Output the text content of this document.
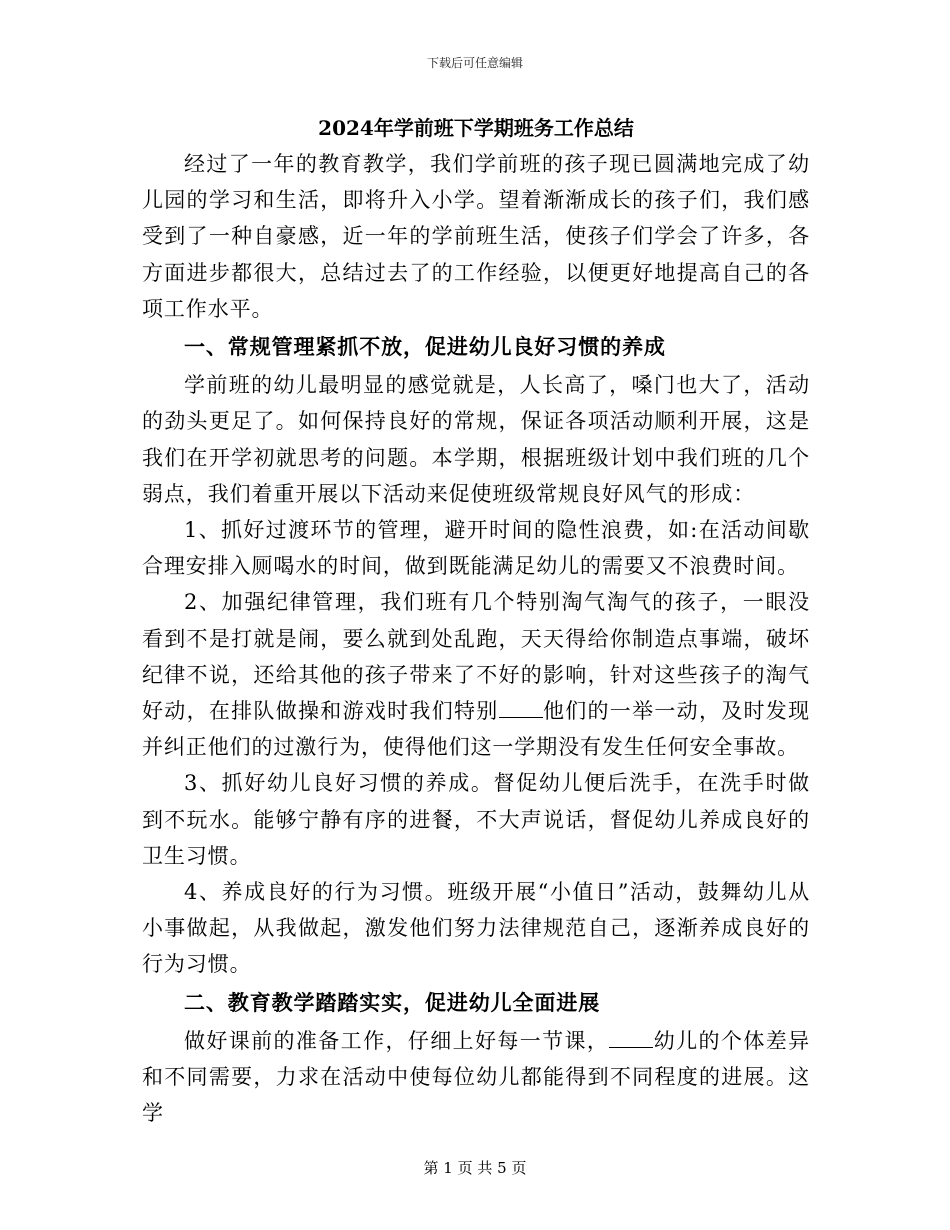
下载后可任意编辑
2024年学前班下学期班务工作总结

经过了一年的教育教学，我们学前班的孩子现已圆满地完成了幼儿园的学习和生活，即将升入小学。望着渐渐成长的孩子们，我们感受到了一种自豪感，近一年的学前班生活，使孩子们学会了许多，各方面进步都很大，总结过去了的工作经验，以便更好地提高自己的各项工作水平。

一、常规管理紧抓不放，促进幼儿良好习惯的养成

学前班的幼儿最明显的感觉就是，人长高了，嗓门也大了，活动的劲头更足了。如何保持良好的常规，保证各项活动顺利开展，这是我们在开学初就思考的问题。本学期，根据班级计划中我们班的几个弱点，我们着重开展以下活动来促使班级常规良好风气的形成：

1、抓好过渡环节的管理，避开时间的隐性浪费，如:在活动间歇合理安排入厕喝水的时间，做到既能满足幼儿的需要又不浪费时间。

2、加强纪律管理，我们班有几个特别淘气淘气的孩子，一眼没看到不是打就是闹，要么就到处乱跑，天天得给你制造点事端，破坏纪律不说，还给其他的孩子带来了不好的影响，针对这些孩子的淘气好动，在排队做操和游戏时我们特别 他们的一举一动，及时发现并纠正他们的过激行为，使得他们这一学期没有发生任何安全事故。

3、抓好幼儿良好习惯的养成。督促幼儿便后洗手，在洗手时做到不玩水。能够宁静有序的进餐，不大声说话，督促幼儿养成良好的卫生习惯。

4、养成良好的行为习惯。班级开展“小值日”活动，鼓舞幼儿从小事做起，从我做起，激发他们努力法律规范自己，逐渐养成良好的行为习惯。

二、教育教学踏踏实实，促进幼儿全面进展

做好课前的准备工作，仔细上好每一节课， 幼儿的个体差异和不同需要，力求在活动中使每位幼儿都能得到不同程度的进展。这学

第 1 页 共 5 页
